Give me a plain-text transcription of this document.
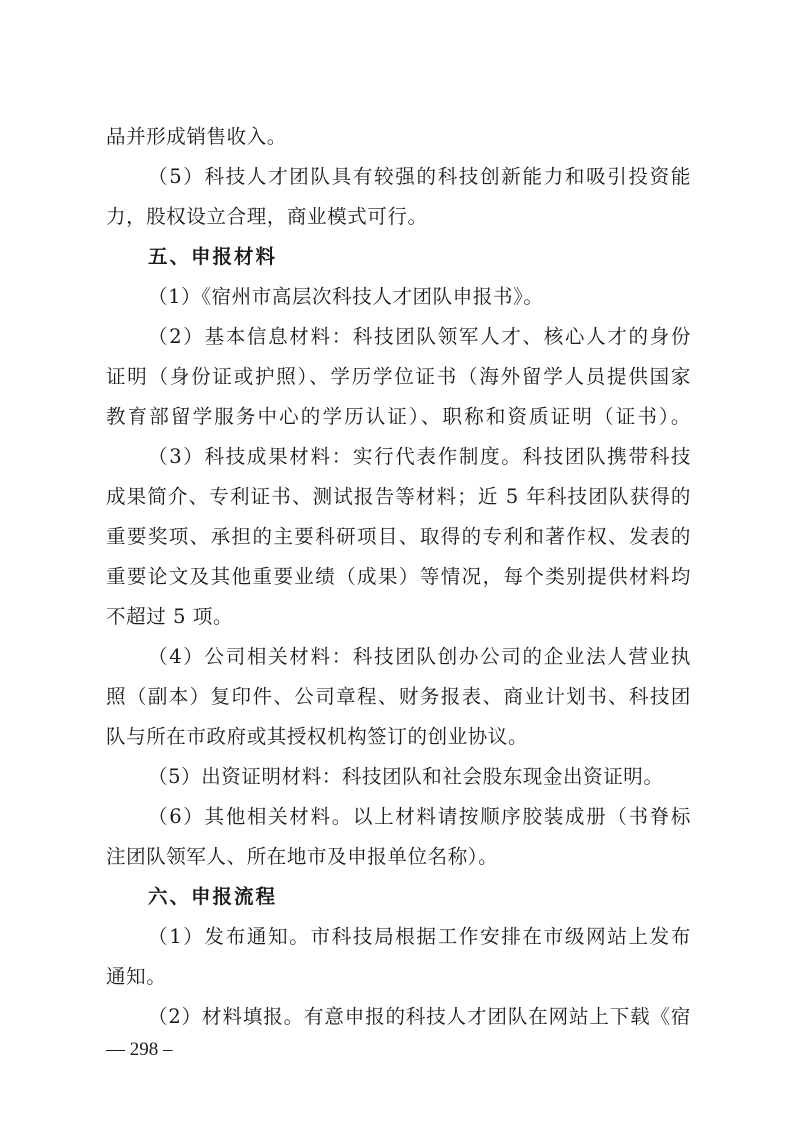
品并形成销售收入。
（5）科技人才团队具有较强的科技创新能力和吸引投资能
力，股权设立合理，商业模式可行。
五、申报材料
（1）《宿州市高层次科技人才团队申报书》。
（2）基本信息材料：科技团队领军人才、核心人才的身份
证明（身份证或护照）、学历学位证书（海外留学人员提供国家
教育部留学服务中心的学历认证）、职称和资质证明（证书）。
（3）科技成果材料：实行代表作制度。科技团队携带科技
成果简介、专利证书、测试报告等材料；近 5 年科技团队获得的
重要奖项、承担的主要科研项目、取得的专利和著作权、发表的
重要论文及其他重要业绩（成果）等情况，每个类别提供材料均
不超过 5 项。
（4）公司相关材料：科技团队创办公司的企业法人营业执
照（副本）复印件、公司章程、财务报表、商业计划书、科技团
队与所在市政府或其授权机构签订的创业协议。
（5）出资证明材料：科技团队和社会股东现金出资证明。
（6）其他相关材料。以上材料请按顺序胶装成册（书脊标
注团队领军人、所在地市及申报单位名称）。
六、申报流程
（1）发布通知。市科技局根据工作安排在市级网站上发布
通知。
（2）材料填报。有意申报的科技人才团队在网站上下载《宿
— 298 –
